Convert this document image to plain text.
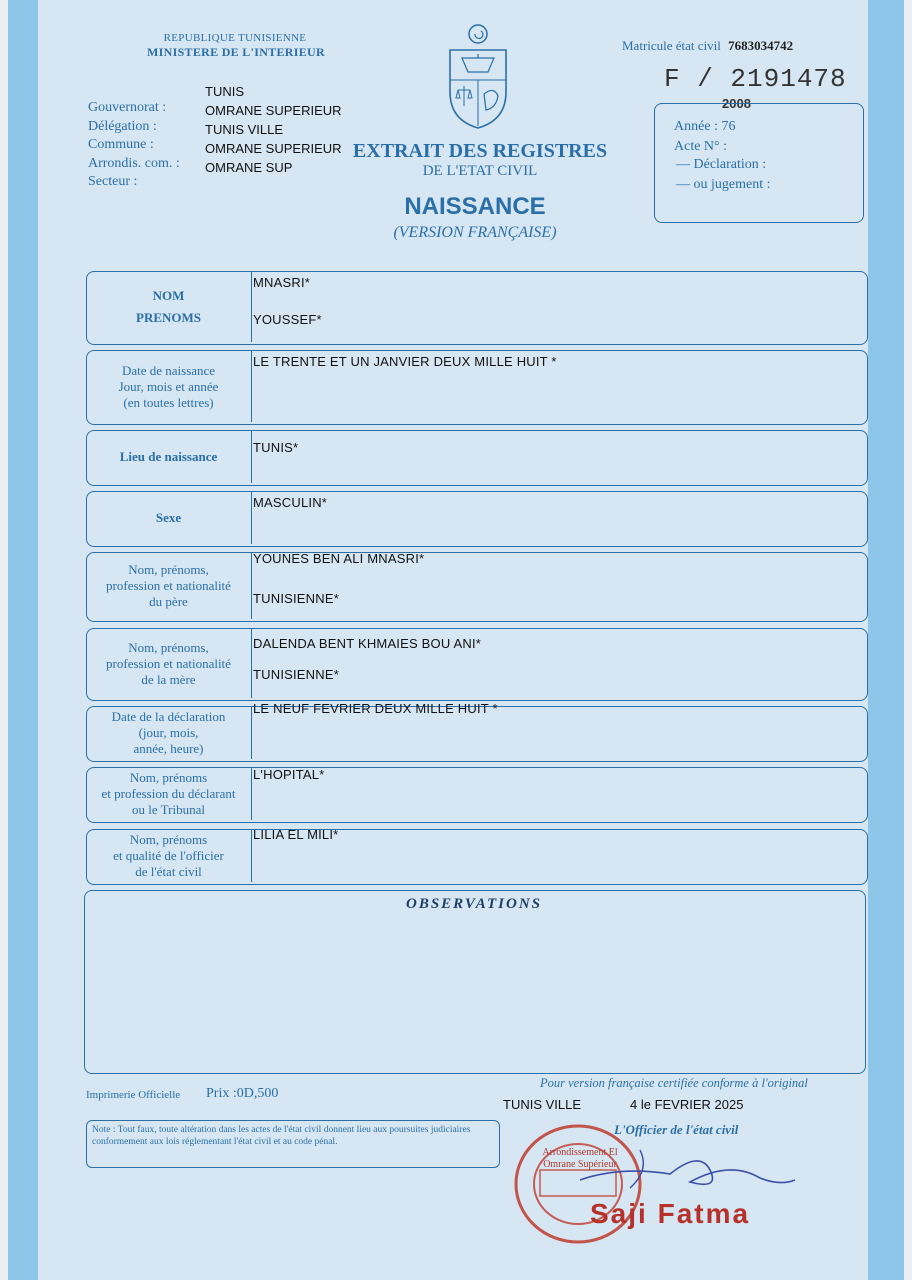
REPUBLIQUE TUNISIENNE
MINISTERE DE L'INTERIEUR	Matricule état civil 7683034742
F / 2191478
Gouvernorat :
Délégation :
Commune :
Arrondis. com. :
Secteur :
TUNIS
OMRANE SUPERIEUR
TUNIS VILLE
OMRANE SUPERIEUR
OMRANE SUP
EXTRAIT DES REGISTRES
DE L'ETAT CIVIL
NAISSANCE
(VERSION FRANÇAISE)
2008
Année : 76
Acte N° :
— Déclaration :
— ou jugement :
NOM
PRENOMS
MNASRI*
YOUSSEF*
Date de naissance
Jour, mois et année
(en toutes lettres)
LE TRENTE ET UN JANVIER DEUX MILLE HUIT *
Lieu de naissance
TUNIS*
Sexe
MASCULIN*
Nom, prénoms,
profession et nationalité
du père
YOUNES BEN ALI MNASRI*
TUNISIENNE*
Nom, prénoms,
profession et nationalité
de la mère
DALENDA BENT KHMAIES BOU ANI*
TUNISIENNE*
Date de la déclaration
(jour, mois,
année, heure)
LE NEUF FEVRIER DEUX MILLE HUIT *
Nom, prénoms
et profession du déclarant
ou le Tribunal
L'HOPITAL*
Nom, prénoms
et qualité de l'officier
de l'état civil
LILIA EL MILI*
OBSERVATIONS
Imprimerie Officielle Prix :0D,500
Pour version française certifiée conforme à l'original
TUNIS VILLE	4 le FEVRIER 2025
L'Officier de l'état civil
Note : Tout faux, toute altération dans les actes de l'état civil donnent lieu aux poursuites judiciaires conformement aux lois réglementant l'état civil et au code pénal.
Arrondissement El Omrane Supérieur
Saji Fatma
